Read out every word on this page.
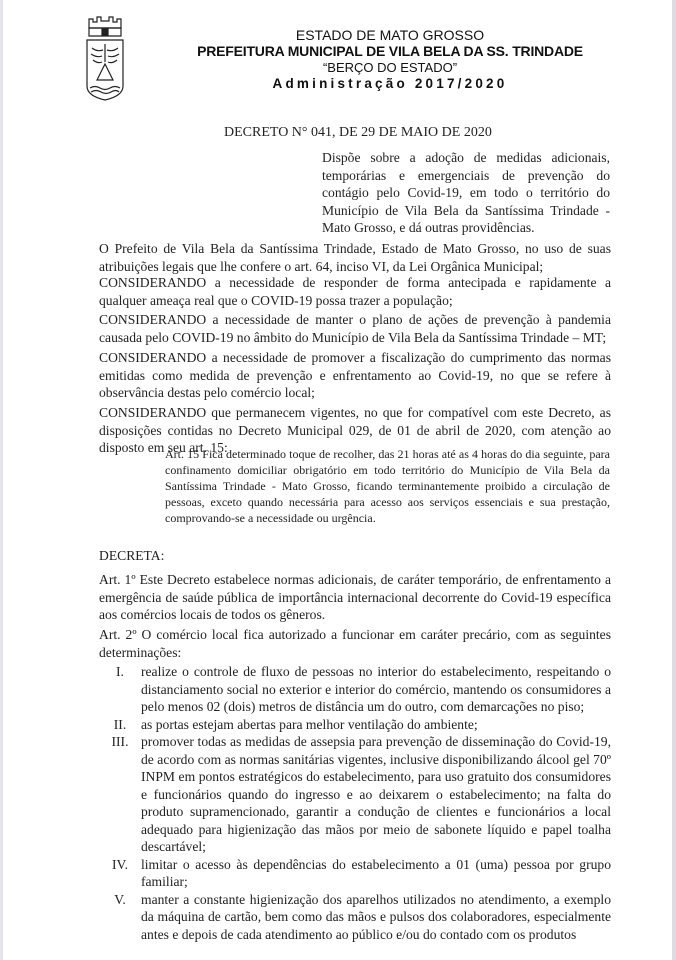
ESTADO DE MATO GROSSO
PREFEITURA MUNICIPAL DE VILA BELA DA SS. TRINDADE
“BERÇO DO ESTADO”
Administração 2017/2020
DECRETO N° 041, DE 29 DE MAIO DE 2020
Dispõe sobre a adoção de medidas adicionais, temporárias e emergenciais de prevenção do contágio pelo Covid-19, em todo o território do Município de Vila Bela da Santíssima Trindade - Mato Grosso, e dá outras providências.
O Prefeito de Vila Bela da Santíssima Trindade, Estado de Mato Grosso, no uso de suas atribuições legais que lhe confere o art. 64, inciso VI, da Lei Orgânica Municipal;
CONSIDERANDO a necessidade de responder de forma antecipada e rapidamente a qualquer ameaça real que o COVID-19 possa trazer a população;
CONSIDERANDO a necessidade de manter o plano de ações de prevenção à pandemia causada pelo COVID-19 no âmbito do Município de Vila Bela da Santíssima Trindade – MT;
CONSIDERANDO a necessidade de promover a fiscalização do cumprimento das normas emitidas como medida de prevenção e enfrentamento ao Covid-19, no que se refere à observância destas pelo comércio local;
CONSIDERANDO que permanecem vigentes, no que for compatível com este Decreto, as disposições contidas no Decreto Municipal 029, de 01 de abril de 2020, com atenção ao disposto em seu art. 15:
Art. 15 Fica determinado toque de recolher, das 21 horas até as 4 horas do dia seguinte, para confinamento domiciliar obrigatório em todo território do Município de Vila Bela da Santíssima Trindade - Mato Grosso, ficando terminantemente proibido a circulação de pessoas, exceto quando necessária para acesso aos serviços essenciais e sua prestação, comprovando-se a necessidade ou urgência.
DECRETA:
Art. 1º Este Decreto estabelece normas adicionais, de caráter temporário, de enfrentamento a emergência de saúde pública de importância internacional decorrente do Covid-19 específica aos comércios locais de todos os gêneros.
Art. 2º O comércio local fica autorizado a funcionar em caráter precário, com as seguintes determinações:
I.	realize o controle de fluxo de pessoas no interior do estabelecimento, respeitando o distanciamento social no exterior e interior do comércio, mantendo os consumidores a pelo menos 02 (dois) metros de distância um do outro, com demarcações no piso;
II.	as portas estejam abertas para melhor ventilação do ambiente;
III. promover todas as medidas de assepsia para prevenção de disseminação do Covid-19, de acordo com as normas sanitárias vigentes, inclusive disponibilizando álcool gel 70º INPM em pontos estratégicos do estabelecimento, para uso gratuito dos consumidores e funcionários quando do ingresso e ao deixarem o estabelecimento; na falta do produto supramencionado, garantir a condução de clientes e funcionários a local adequado para higienização das mãos por meio de sabonete líquido e papel toalha descartável;
IV. limitar o acesso às dependências do estabelecimento a 01 (uma) pessoa por grupo familiar;
V.	manter a constante higienização dos aparelhos utilizados no atendimento, a exemplo da máquina de cartão, bem como das mãos e pulsos dos colaboradores, especialmente antes e depois de cada atendimento ao público e/ou do contado com os produtos
